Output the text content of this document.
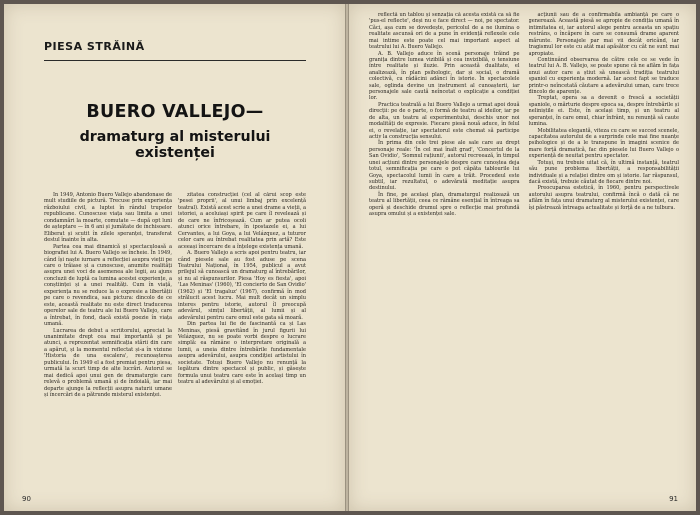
PIESA STRĂINĂ
BUERO VALLEJO—
dramaturg al misterului existenței

În 1949, Antonio Buero Vallejo abandonase de mult studiile de pictură. Trecuse prin experiența războiului civil, a luptei în rândul trupelor republicane. Cunoscuse viața sau limita a unei condamnări la moarte, comutate — după opt luni de așteptare — în 6 ani și jumătate de închisoare. Eliberat și scutit în zilele speranței, transferat destul înainte în alta.

Partea cea mai dinamică și spectaculoasă a biografiei lui A. Buero Vallejo se încheie. În 1949, când își naște iurnare a reflecției asupra vieții pe care o trăiase și a cunoscuse, anumite realități asupra unei voci de asemenea ale legii, au ajuns concluzii de luptă ca lumina acestei experiențe, a conștiinței și a unei realități. Cum în viață, experiența nu se reduce la o expresie a libertății pe care o revendica, sau pictura: dincolo de ce este, această realitate nu este direct traducerea operelor sale de teatru ale lui Buero Vallejo, care a întrebat, în fond, dacă există poezie în viața umană.

Lucrarea de debut a scriitorului, apreciat la unanimitate drept cea mai importantă și pe atunci, a reprezentat semnificația stării din care a apărut, și la momentul reflectat și-a în viziune 'Historia de una escalera', recunoașterea publicului. În 1949 el a fost premiat pentru piesa, urmată la scurt timp de alte lucrări. Autorul se mai dedică apoi unui gen de dramaturgie care relevă o problemă umană și de îndoială, iar mai departe ajunge la reflecții asupra naturii umane și încercări de a pătrunde misterul existenței.

zitatea construcției (cel al cărui scop este 'pesei proprii', al unui limbaj prin excelență teatral). Există acest scrie a unei drame a vieții, a istoriei, a aceluiași spirit pe care îl revelează și de care ne înfricoșează. Cum ar putea ocoli atunci orice întrebare, în ipostazele ei, a lui Cervantes, a lui Goya, a lui Velázquez, a tuturor celor care au întrebat realitatea prin artă? Este aceeași încercare de a înțelege existența umană.

A. Buero Vallejo a scris apoi pentru teatru, iar când piesele sale au fost aduse pe scena Teatrului Național, în 1954, publicul a avut prilejul să cunoască un dramaturg al întrebărilor, și nu al răspunsurilor. Piesa 'Hoy es fiesta', apoi 'Las Meninas' (1960), 'El concierto de San Ovidio' (1962) și 'El tragaluz' (1967), confirmă în mod strălucit acest lucru. Mai mult decât un simplu interes pentru istorie, autorul îl preocupă adevărul, simțul libertății, al lumii și al adevărului pentru care omul este gata să moară.

Din partea lui fie de fascinantă ca și Las Meninas, piesă gravitând în jurul figurii lui Velázquez, nu se poate vorbi despre o lucrare simplă: ea rămâne o interpretare originală a lumii, a uneia dintre întrebările fundamentale asupra adevărului, asupra condiției artistului în societate. Totuși Buero Vallejo nu renunță la legătura dintre spectacol și public, și găsește formula unui teatru care este în același timp un teatru al adevărului și al emoției.

90

reflectă un tablou și senzația că acesta există ca să fie 'pus-el reflecte', deși nu e face direct — noi, pe spectator. Căci, așa cum se dovedește, pericolul de a ne ilumina o realitate ascunsă ori de a pune în evidență reflexele cele mai intime este poate cel mai important aspect al teatrului lui A. Buero Vallejo.

A. B. Vallejo aduce în scenă personaje trăind pe granița dintre lumea vizibilă și cea invizibilă, o tensiune între realitate și iluzie. Prin această dualitate, el analizează, în plan psihologic, dar și social, o dramă colectivă, cu rădăcini adânci în istorie. În spectacolele sale, oglinda devine un instrument al cunoașterii, iar personajele sale caută neîncetat o explicație a condiției lor.

Practica teatrală a lui Buero Vallejo a urmat apoi două direcții: pe de o parte, o formă de teatru al ideilor, iar pe de alta, un teatru al experimentului, deschis unor noi modalități de expresie. Fiecare piesă nouă aduce, în felul ei, o revelație, iar spectatorul este chemat să participe activ la construcția sensului.

În prima din cele trei piese ale sale care au drept personaje reale: 'În cel mai înalt grad', 'Concertul de la San Ovidio', 'Somnul rațiunii', autorul recreează, în timpul unei acțiuni dintre personajele despre care cunoștea deja totul, semnificația pe care o pot căpăta tablourile lui Goya, spectacolul lumii în care a trăit. Procedeul este subtil, iar rezultatul, o adevărată meditație asupra destinului.

În fine, pe același plan, dramaturgul realizează un teatru al libertății, ceea ce rămâne esențial în întreaga sa operă și deschide drumul spre o reflecție mai profundă asupra omului și a existenței sale.

acțiunii sau de a confirmabila ambianță pe care o generează. Această piesă se apropie de condiția umană în intimitatea ei, iar autorul alege pentru aceasta un spațiu restrâns, o încăpere în care se consumă drame aparent mărunte. Personajele par mai vii decât oricând, iar tragismul lor este cu atât mai apăsător cu cât ne sunt mai apropiate.

Continuând observarea de către cele ce se vede în teatrul lui A. B. Vallejo, se poate spune că ne aflăm în fața unui autor care a știut să unească tradiția teatrului spaniol cu experiența modernă. Iar acest fapt se traduce printr-o neîncetată căutare a adevărului uman, care trece dincolo de aparențe.

Treptat, opera sa a devenit o frescă a societății spaniole, o mărturie despre epoca sa, despre întrebările și neliniștile ei. Este, în același timp, și un teatru al speranței, în care omul, chiar înfrânt, nu renunță să caute lumina.

Mobilitatea elegantă, viteza cu care se succed scenele, capacitatea autorului de a surprinde cele mai fine nuanțe psihologice și de a le transpune în imagini scenice de mare forță dramatică, fac din piesele lui Buero Vallejo o experiență de neuitat pentru spectator.

Totuși, nu trebuie uitat că, în ultimă instanță, teatrul său pune problema libertății, a responsabilității individuale și a relației dintre om și istorie. Iar răspunsul, dacă există, trebuie căutat de fiecare dintre noi.

Preocuparea estetică, în 1960, pentru perspectivele autorului asupra teatrului, confirmă încă o dată că ne aflăm în fața unui dramaturg al misterului existenței, care își păstrează întreaga actualitate și forță de a ne tulbura.

91
